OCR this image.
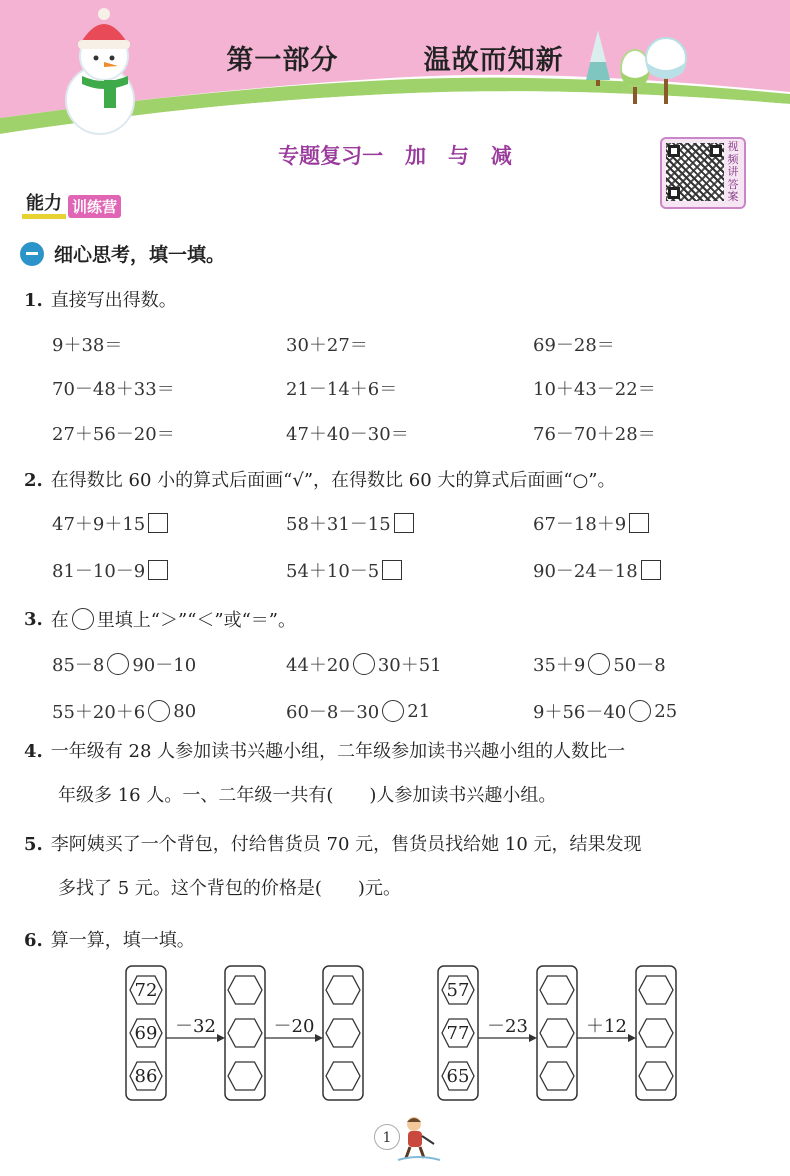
第一部分   温故而知新
专题复习一   加   与   减	视频讲答案
能力 训练营
细心思考，填一填。
1. 直接写出得数。
9＋38＝	30＋27＝	69－28＝
70－48＋33＝	21－14＋6＝	10＋43－22＝
27＋56－20＝	47＋40－30＝	76－70＋28＝
2. 在得数比 60 小的算式后面画“√”，在得数比 60 大的算式后面画“○”。
47＋9＋15	58＋31－15	67－18＋9
81－10－9	54＋10－5	90－24－18
3. 在 里填上“＞”“＜”或“＝”。
85－8 90－10	44＋20 30＋51	35＋9 50－8
55＋20＋6 80	60－8－30 21	9＋56－40 25
4. 一年级有 28 人参加读书兴趣小组，二年级参加读书兴趣小组的人数比一
年级多 16 人。一、二年级一共有(　　)人参加读书兴趣小组。
5. 李阿姨买了一个背包，付给售货员 70 元，售货员找给她 10 元，结果发现
多找了 5 元。这个背包的价格是(　　)元。
6. 算一算，填一填。
72
69
86
－32	－20
57
77
65
－23	＋12
1
